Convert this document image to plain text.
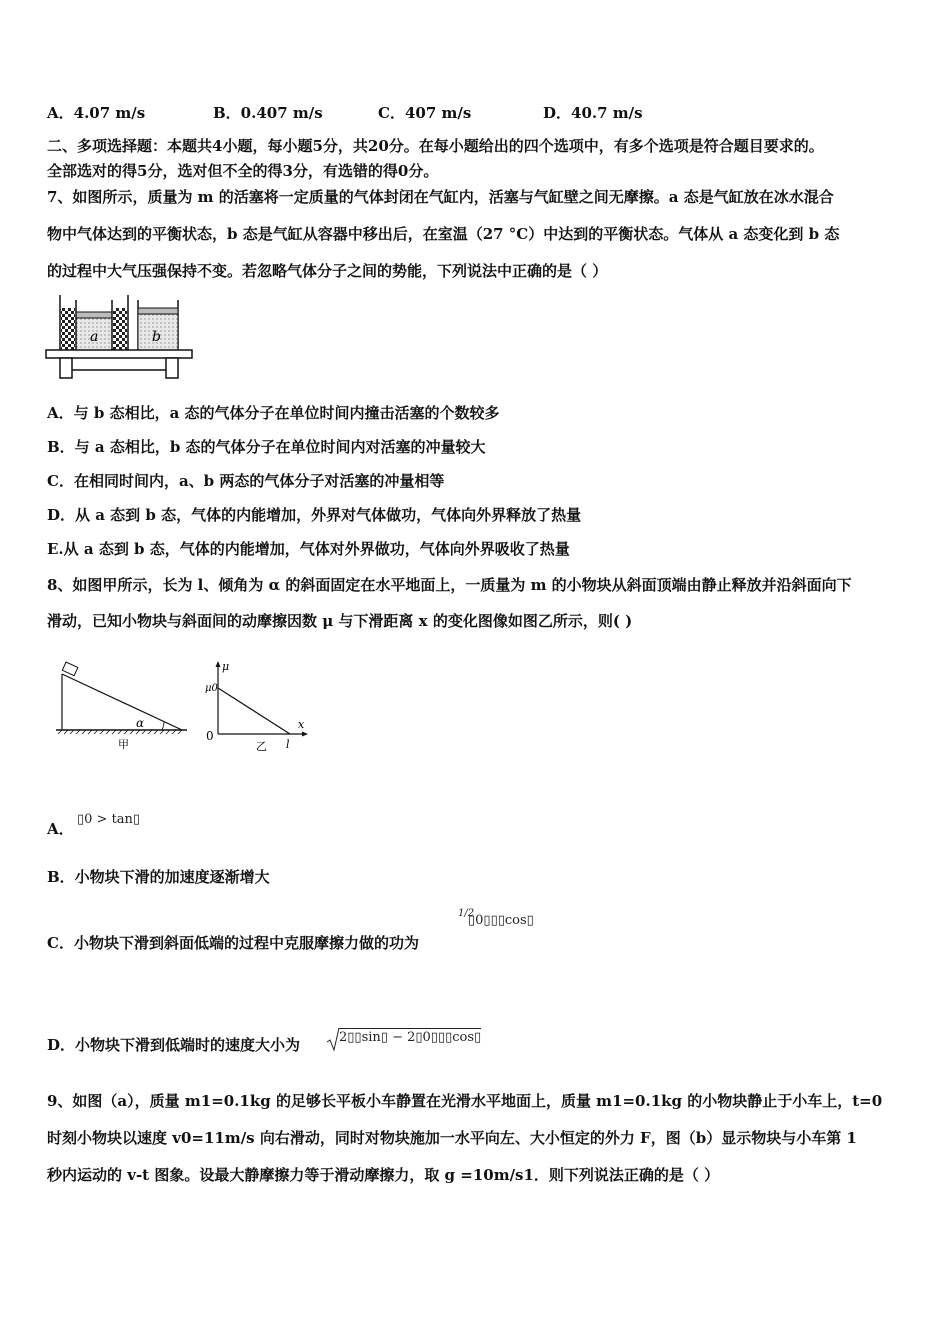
A．4.07 m/s	B．0.407 m/s	C．407 m/s	D．40.7 m/s
二、多项选择题：本题共4小题，每小题5分，共20分。在每小题给出的四个选项中，有多个选项是符合题目要求的。
全部选对的得5分，选对但不全的得3分，有选错的得0分。
7、如图所示，质量为 m 的活塞将一定质量的气体封闭在气缸内，活塞与气缸壁之间无摩擦。a 态是气缸放在冰水混合
物中气体达到的平衡状态，b 态是气缸从容器中移出后，在室温（27 °C）中达到的平衡状态。气体从 a 态变化到 b 态
的过程中大气压强保持不变。若忽略气体分子之间的势能，下列说法中正确的是（ ）
a	b
A．与 b 态相比，a 态的气体分子在单位时间内撞击活塞的个数较多
B．与 a 态相比，b 态的气体分子在单位时间内对活塞的冲量较大
C．在相同时间内，a、b 两态的气体分子对活塞的冲量相等
D．从 a 态到 b 态，气体的内能增加，外界对气体做功，气体向外界释放了热量
E.从 a 态到 b 态，气体的内能增加，气体对外界做功，气体向外界吸收了热量
8、如图甲所示，长为 l、倾角为 α 的斜面固定在水平地面上，一质量为 m 的小物块从斜面顶端由静止释放并沿斜面向下
滑动，已知小物块与斜面间的动摩擦因数 μ 与下滑距离 x 的变化图像如图乙所示，则( )
α
甲
μ
μ0
0
x
l
乙
A．
▯0 > tan▯
B．小物块下滑的加速度逐渐增大
C．小物块下滑到斜面低端的过程中克服摩擦力做的功为
1/2
▯0▯▯▯cos▯
D．小物块下滑到低端时的速度大小为	2▯▯sin▯ − 2▯0▯▯▯cos▯
9、如图（a），质量 m1=0.1kg 的足够长平板小车静置在光滑水平地面上，质量 m1=0.1kg 的小物块静止于小车上，t=0
时刻小物块以速度 v0=11m/s 向右滑动，同时对物块施加一水平向左、大小恒定的外力 F，图（b）显示物块与小车第 1
秒内运动的 v-t 图象。设最大静摩擦力等于滑动摩擦力，取 g =10m/s1．则下列说法正确的是（ ）
